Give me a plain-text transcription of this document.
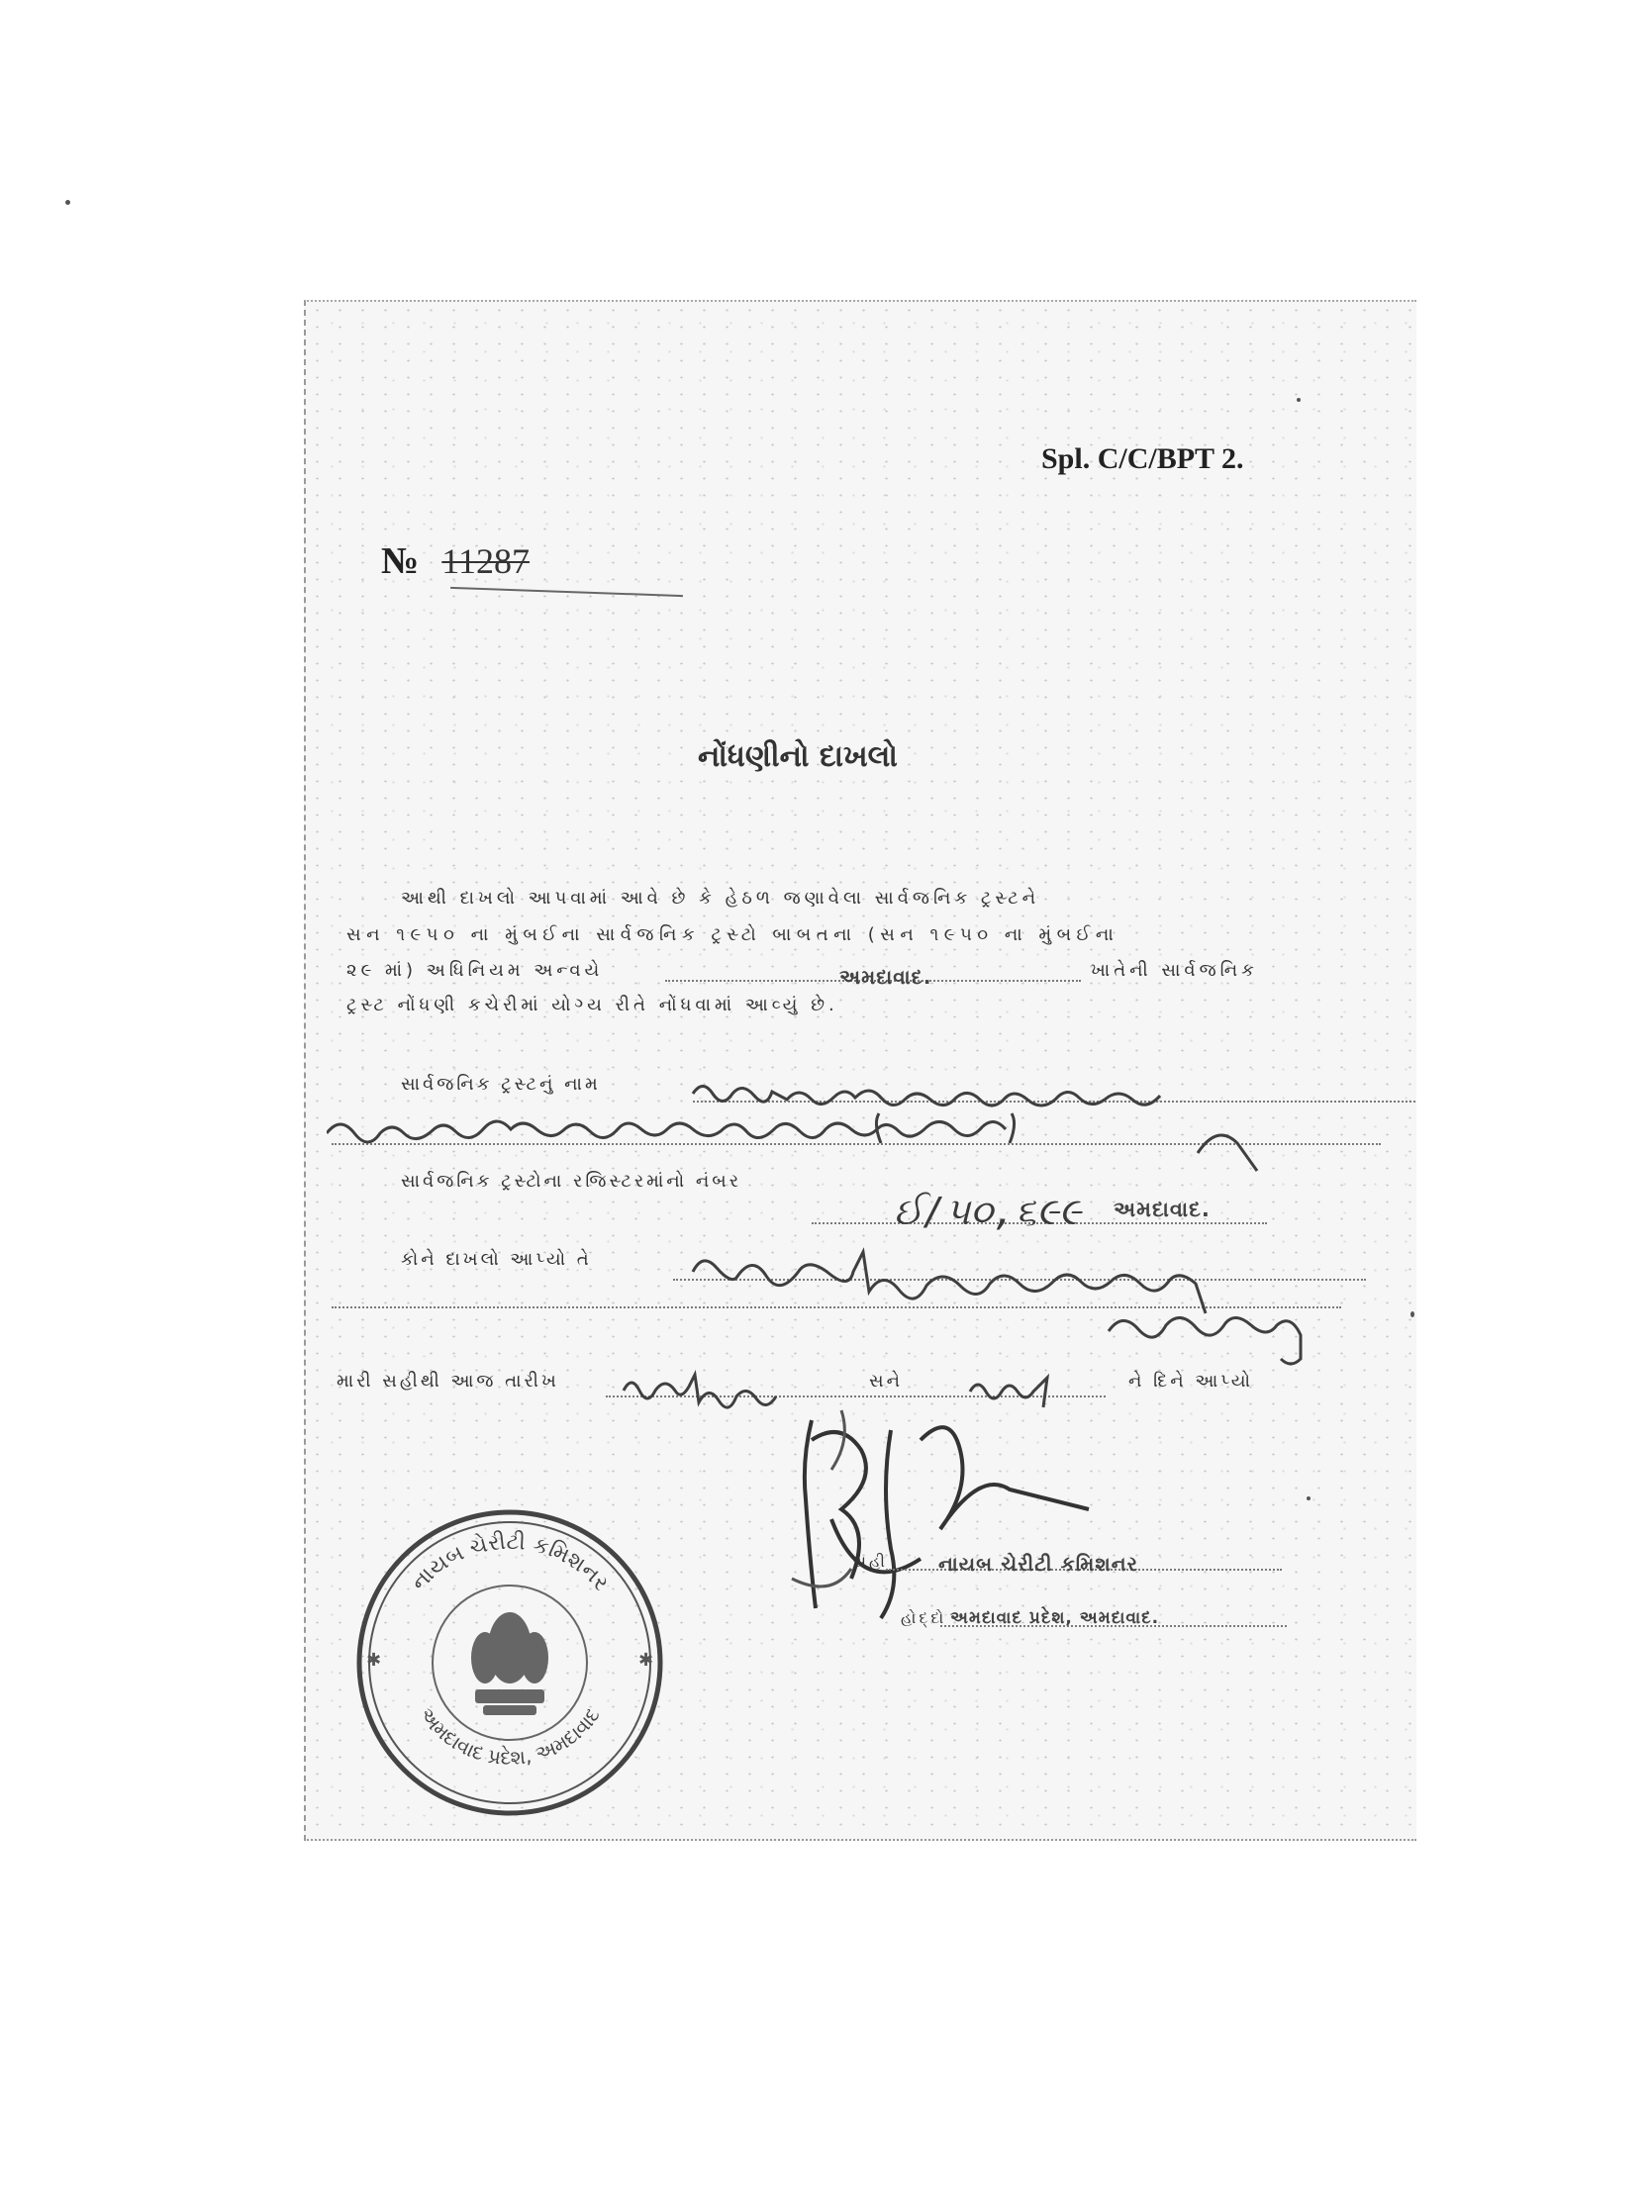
Spl. C/C/BPT 2.
№ 11287
નોંધણીનો દાખલો
આથી દાખલો આપવામાં આવે છે કે હેઠળ જણાવેલા સાર્વજનિક ટ્રસ્ટને
સન ૧૯૫૦ ના મુંબઈના સાર્વજનિક ટ્રસ્ટો બાબતના (સન ૧૯૫૦ ના મુંબઈના
૨૯ માં) અધિનિયમ અન્વયે	અમદાવાદ.	ખાતેની સાર્વજનિક
ટ્રસ્ટ નોંધણી કચેરીમાં યોગ્ય રીતે નોંધવામાં આવ્યું છે.
સાર્વજનિક ટ્રસ્ટનું નામ
સાર્વજનિક ટ્રસ્ટોના રજિસ્ટરમાંનો નંબર
ઈ/૫૦,૬૯૯ અમદાવાદ.
કોને દાખલો આપ્યો તે
મારી સહીથી આજ તારીખ	સને	ને દિને આપ્યો
સહી	નાયબ ચેરીટી કમિશનર
હોદ્દો અમદાવાદ પ્રદેશ, અમદાવાદ.
નાયબ ચેરીટી કમિશનર
અમદાવાદ પ્રદેશ, અમદાવાદ
✱
✱
